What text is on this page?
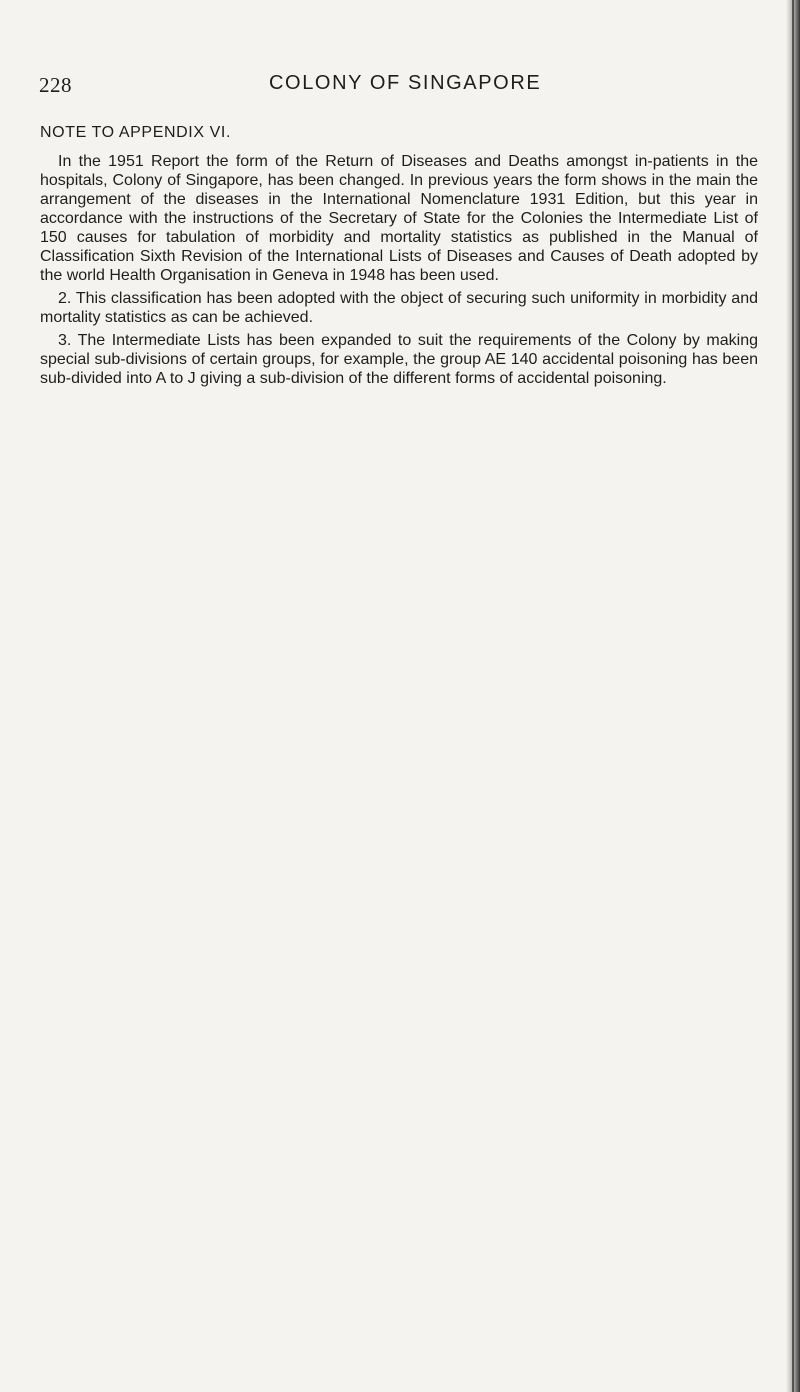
228	COLONY OF SINGAPORE
NOTE TO APPENDIX VI.

In the 1951 Report the form of the Return of Diseases and Deaths amongst in-patients in the hospitals, Colony of Singapore, has been changed. In previous years the form shows in the main the arrangement of the diseases in the International Nomenclature 1931 Edition, but this year in accordance with the instructions of the Secretary of State for the Colonies the Intermediate List of 150 causes for tabulation of morbidity and mortality statistics as published in the Manual of Classification Sixth Revision of the International Lists of Diseases and Causes of Death adopted by the world Health Organisation in Geneva in 1948 has been used.

2. This classification has been adopted with the object of securing such uniformity in morbidity and mortality statistics as can be achieved.

3. The Intermediate Lists has been expanded to suit the requirements of the Colony by making special sub-divisions of certain groups, for example, the group AE 140 accidental poisoning has been sub-divided into A to J giving a sub-division of the different forms of accidental poisoning.
